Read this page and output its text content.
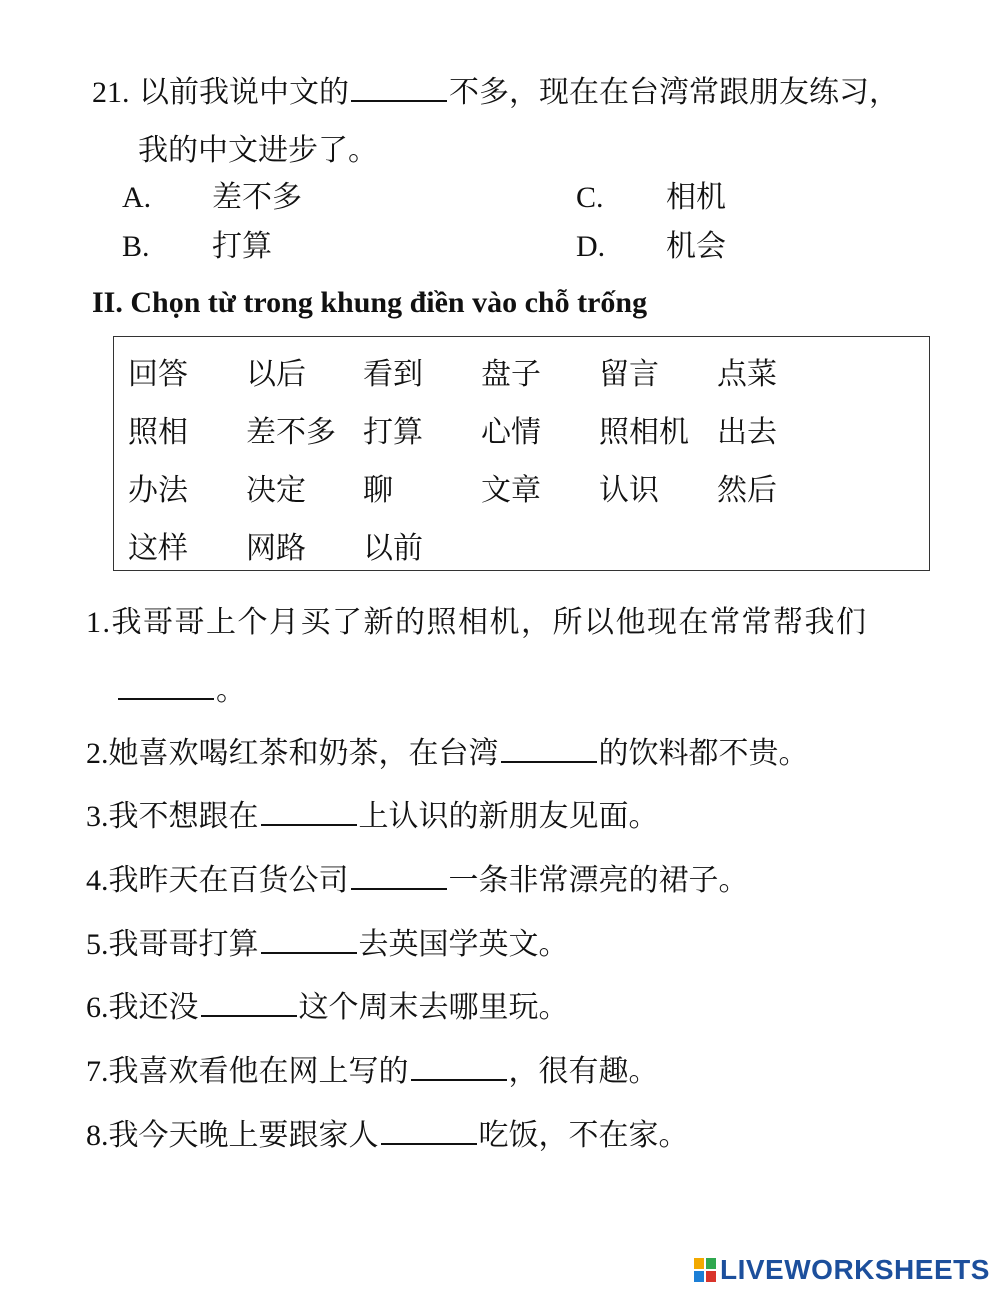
21. 以前我说中文的	不多，现在在台湾常跟朋友练习，
我的中文进步了。
A. 差不多	C. 相机
B. 打算	D. 机会
II. Chọn từ trong khung điền vào chỗ trống
回答 以后 看到 盘子 留言 点菜
照相 差不多 打算 心情 照相机 出去
办法 决定 聊	文章 认识 然后
这样 网路 以前
1.我哥哥上个月买了新的照相机，所以他现在常常帮我们
。
2.她喜欢喝红茶和奶茶，在台湾	的饮料都不贵。
3.我不想跟在	上认识的新朋友见面。
4.我昨天在百货公司	一条非常漂亮的裙子。
5.我哥哥打算	去英国学英文。
6.我还没	这个周末去哪里玩。
7.我喜欢看他在网上写的	，很有趣。
8.我今天晚上要跟家人	吃饭，不在家。
LIVEWORKSHEETS
